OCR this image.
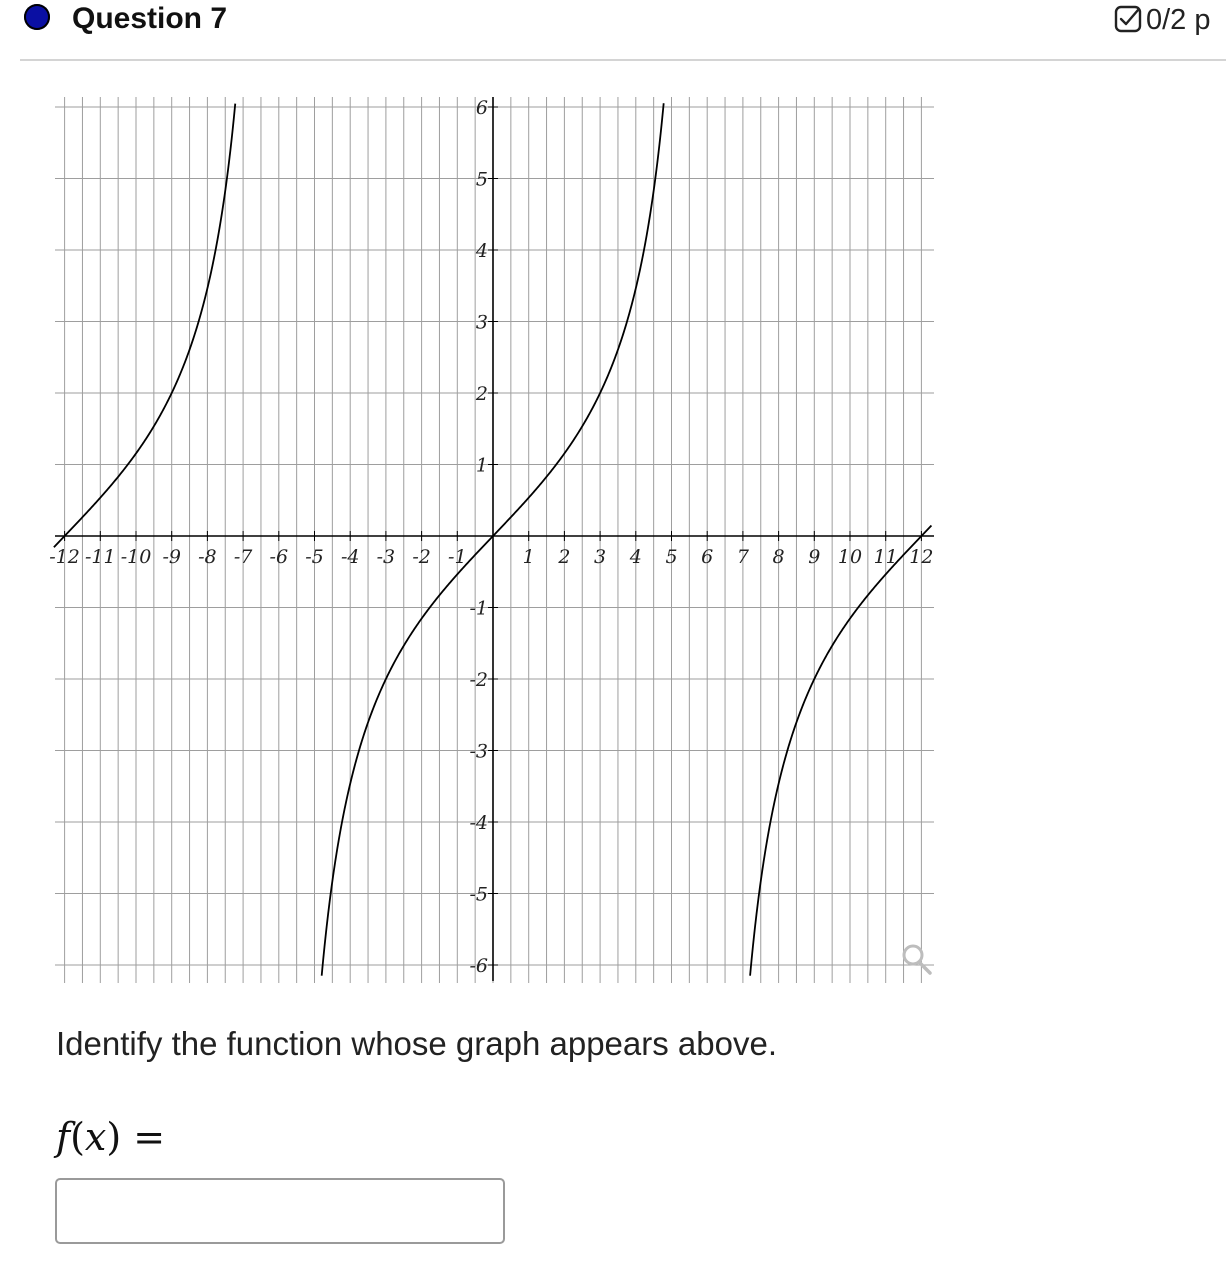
Question 7	0/2 p
-12 -11 -10 -9 -8 -7 -6 -5 -4 -3 -2 -1	1 2 3 4 5 6 7 8 9 10 11 12
6
5
4
3
2
1
-1
-2
-3
-4
-5
-6
Identify the function whose graph appears above.
f(x) =
